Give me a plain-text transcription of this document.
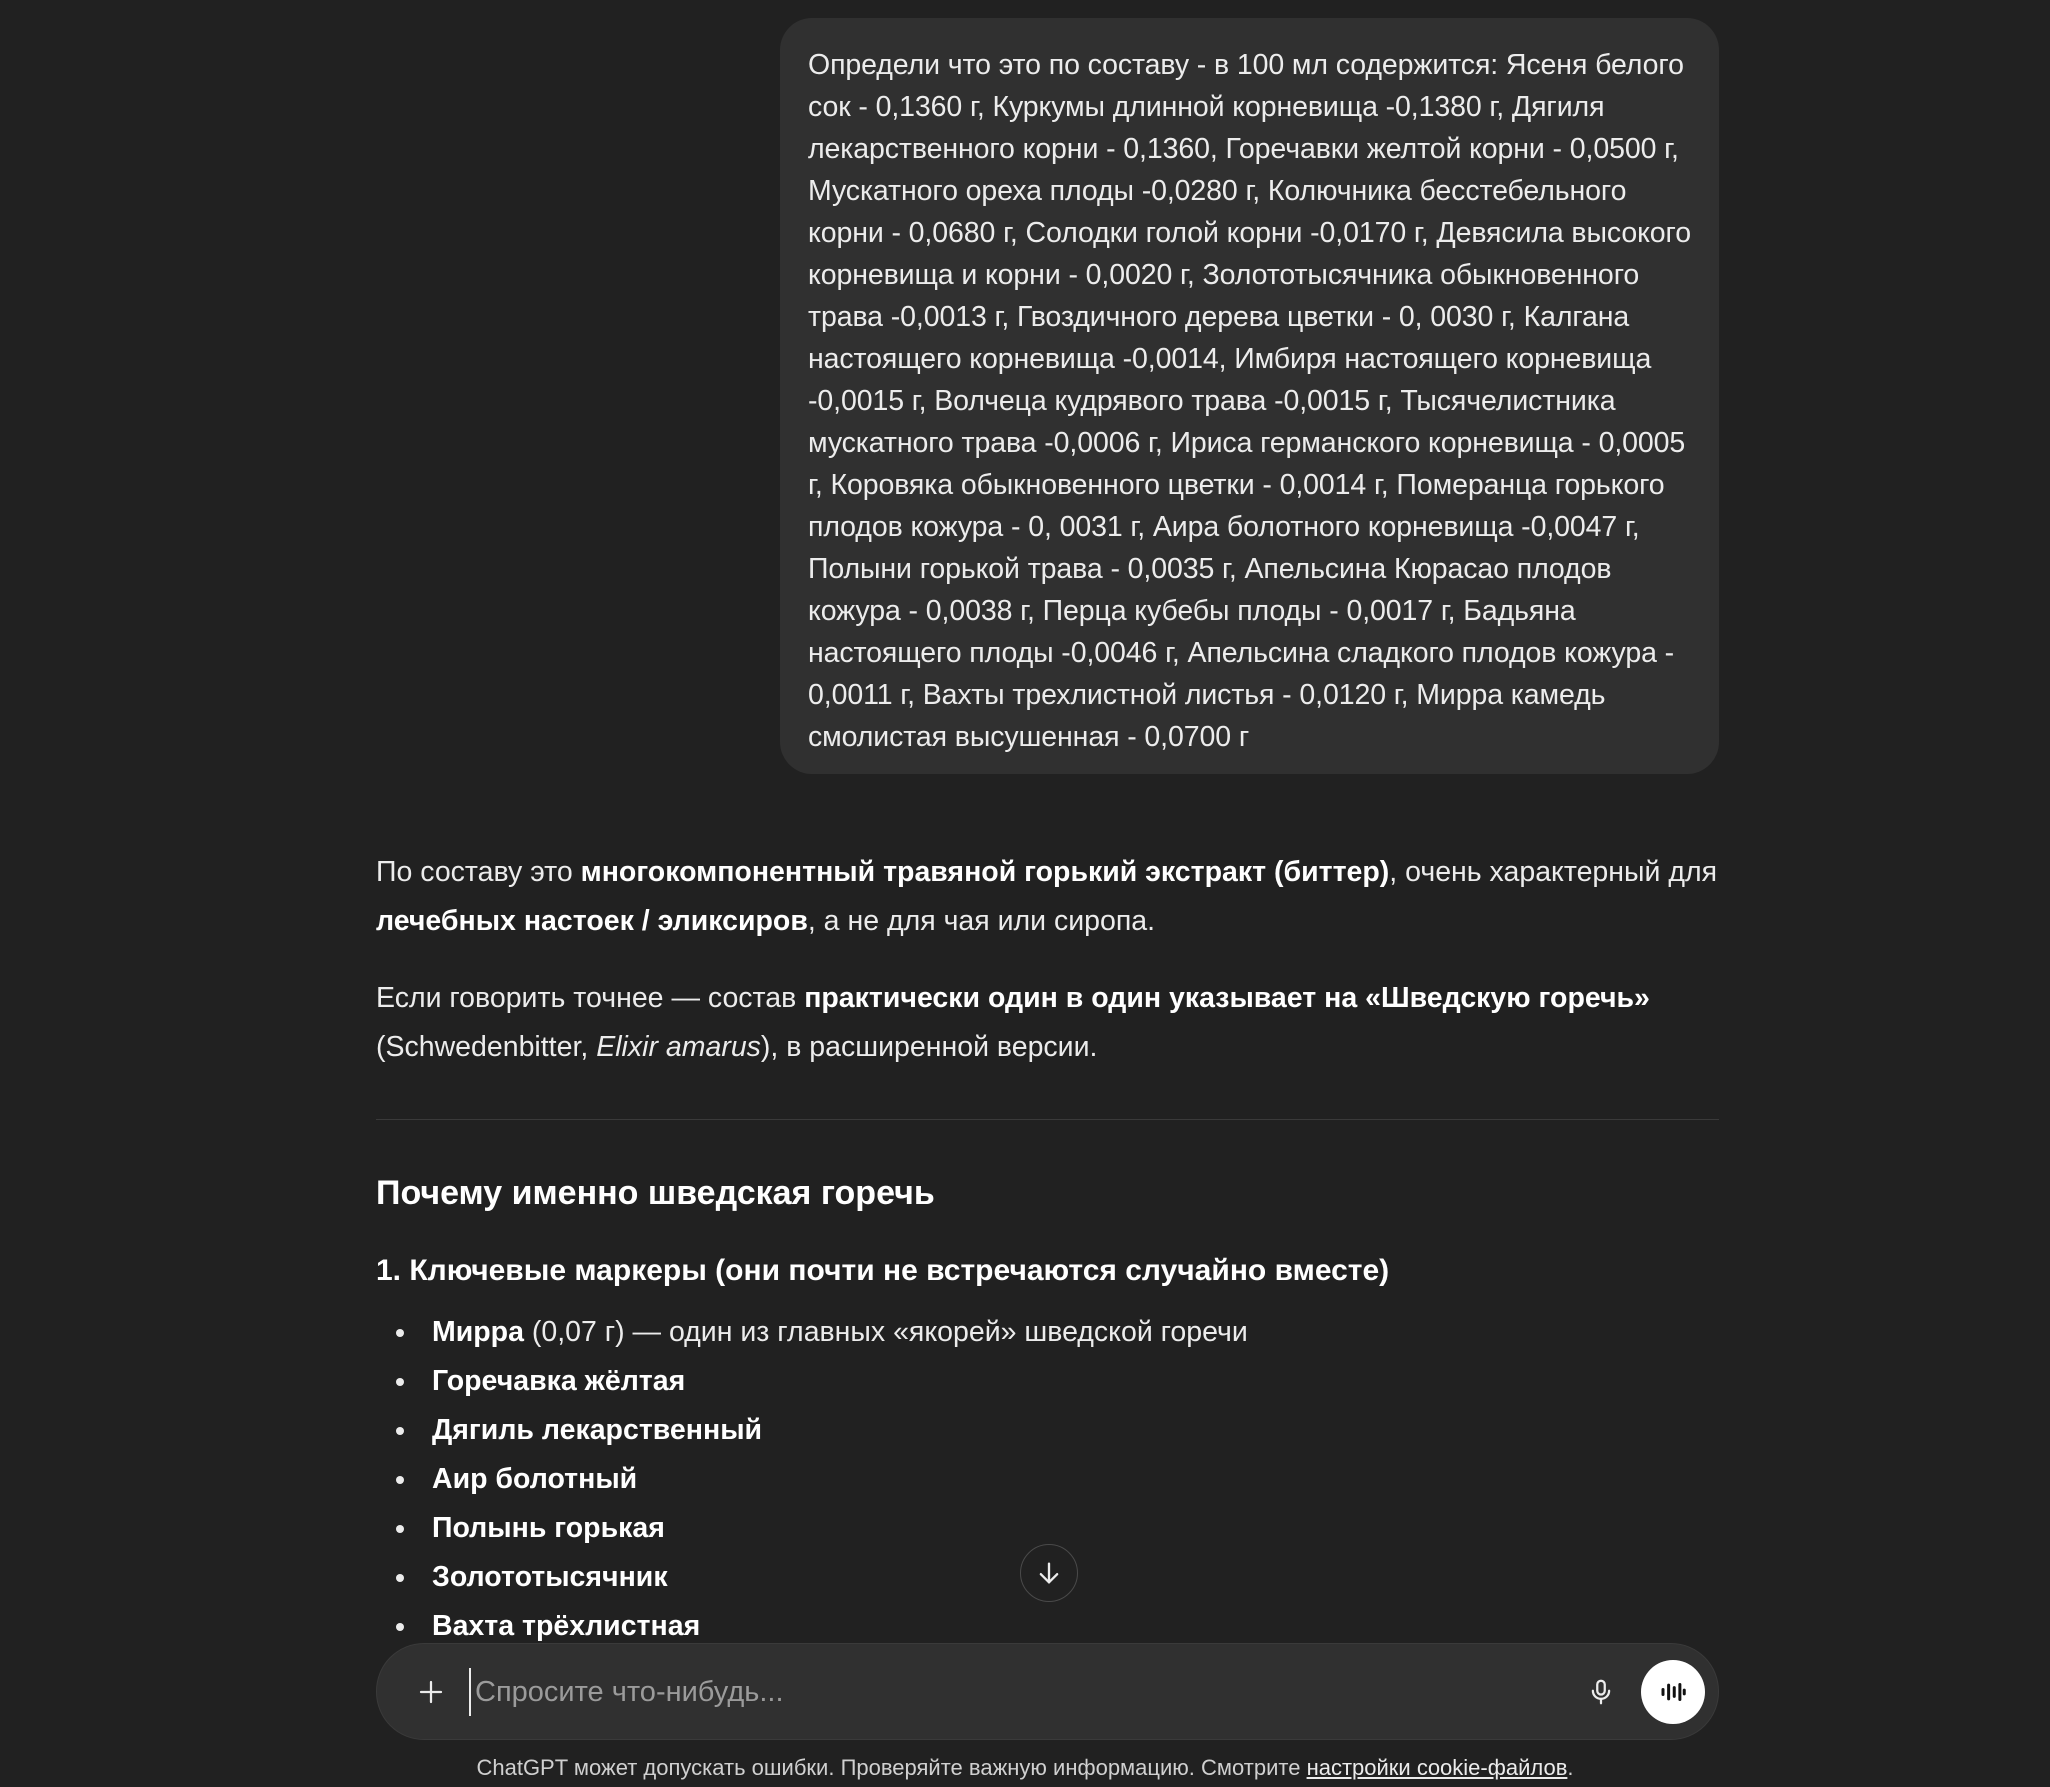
Определи что это по составу - в 100 мл содержится: Ясеня белого
сок - 0,1360 г, Куркумы длинной корневища -0,1380 г, Дягиля
лекарственного корни - 0,1360, Горечавки желтой корни - 0,0500 г,
Мускатного ореха плоды -0,0280 г, Колючника бесстебельного
корни - 0,0680 г, Солодки голой корни -0,0170 г, Девясила высокого
корневища и корни - 0,0020 г, Золототысячника обыкновенного
трава -0,0013 г, Гвоздичного дерева цветки - 0, 0030 г, Калгана
настоящего корневища -0,0014, Имбиря настоящего корневища
-0,0015 г, Волчеца кудрявого трава -0,0015 г, Тысячелистника
мускатного трава -0,0006 г, Ириса германского корневища - 0,0005
г, Коровяка обыкновенного цветки - 0,0014 г, Померанца горького
плодов кожура - 0, 0031 г, Аира болотного корневища -0,0047 г,
Полыни горькой трава - 0,0035 г, Апельсина Кюрасао плодов
кожура - 0,0038 г, Перца кубебы плоды - 0,0017 г, Бадьяна
настоящего плоды -0,0046 г, Апельсина сладкого плодов кожура -
0,0011 г, Вахты трехлистной листья - 0,0120 г, Мирра камедь
смолистая высушенная - 0,0700 г
По составу это многокомпонентный травяной горький экстракт (биттер), очень характерный для
лечебных настоек / эликсиров, а не для чая или сиропа.
Если говорить точнее — состав практически один в один указывает на «Шведскую горечь»
(Schwedenbitter, Elixir amarus), в расширенной версии.
Почему именно шведская горечь
1. Ключевые маркеры (они почти не встречаются случайно вместе)
Мирра (0,07 г) — один из главных «якорей» шведской горечи
Горечавка жёлтая
Дягиль лекарственный
Аир болотный
Полынь горькая
Золототысячник
Вахта трёхлистная
Спросите что-нибудь...
ChatGPT может допускать ошибки. Проверяйте важную информацию. Смотрите настройки cookie-файлов.
